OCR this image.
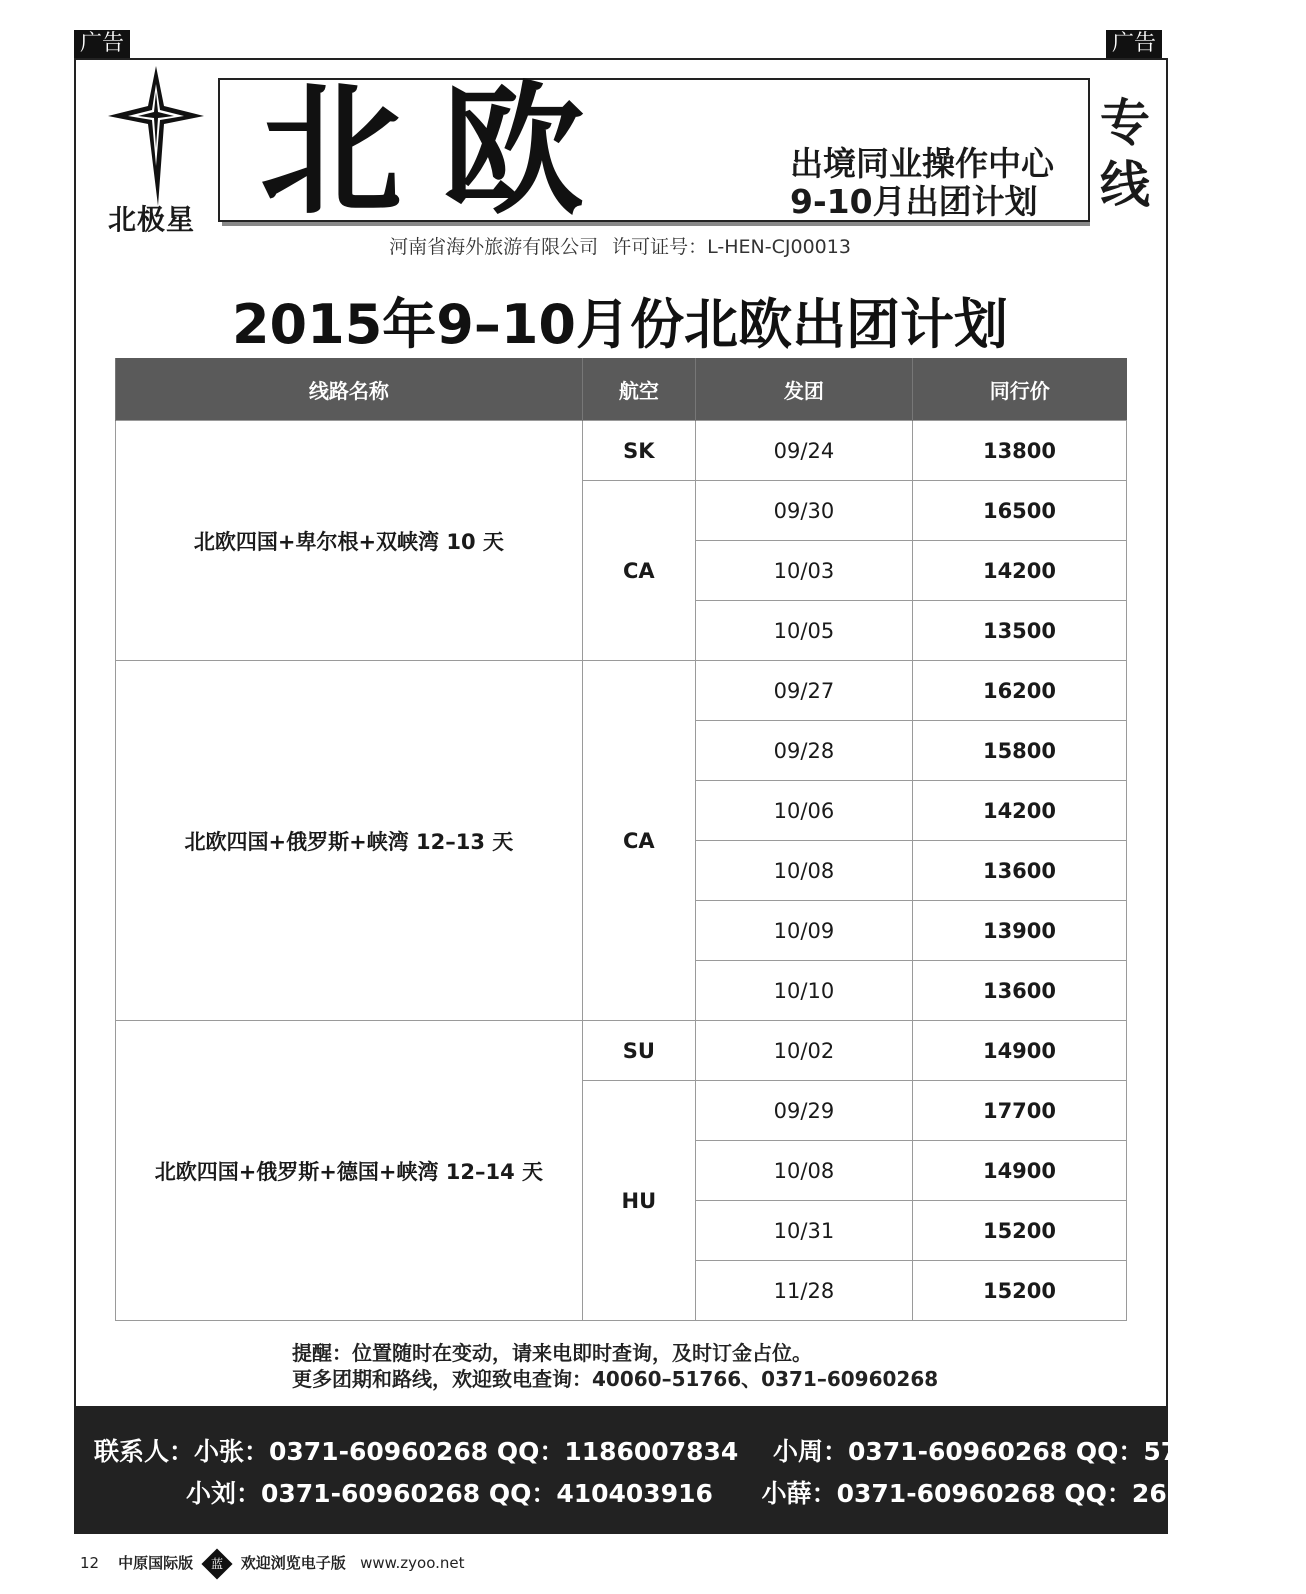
广告	广告
北极星 北欧	出境同业操作中心
9-10月出团计划
专线
河南省海外旅游有限公司 许可证号：L-HEN-CJ00013
2015年9–10月份北欧出团计划
线路名称	航空	发团	同行价
北欧四国+卑尔根+双峡湾 10 天	SK	09/24	13800
	CA	09/30	16500
		10/03	14200
		10/05	13500
北欧四国+俄罗斯+峡湾 12–13 天	CA	09/27	16200
		09/28	15800
		10/06	14200
		10/08	13600
		10/09	13900
		10/10	13600
北欧四国+俄罗斯+德国+峡湾 12–14 天	SU	10/02	14900
	HU	09/29	17700
		10/08	14900
		10/31	15200
		11/28	15200
提醒：位置随时在变动，请来电即时查询，及时订金占位。
更多团期和路线，欢迎致电查询：40060–51766、0371–60960268
联系人：小张：0371-60960268 QQ：1186007834 小周：0371-60960268 QQ：576791333
小刘：0371-60960268 QQ：410403916 小薛：0371-60960268 QQ：2629388058
12 中原国际版 蓝 欢迎浏览电子版 www.zyoo.net
